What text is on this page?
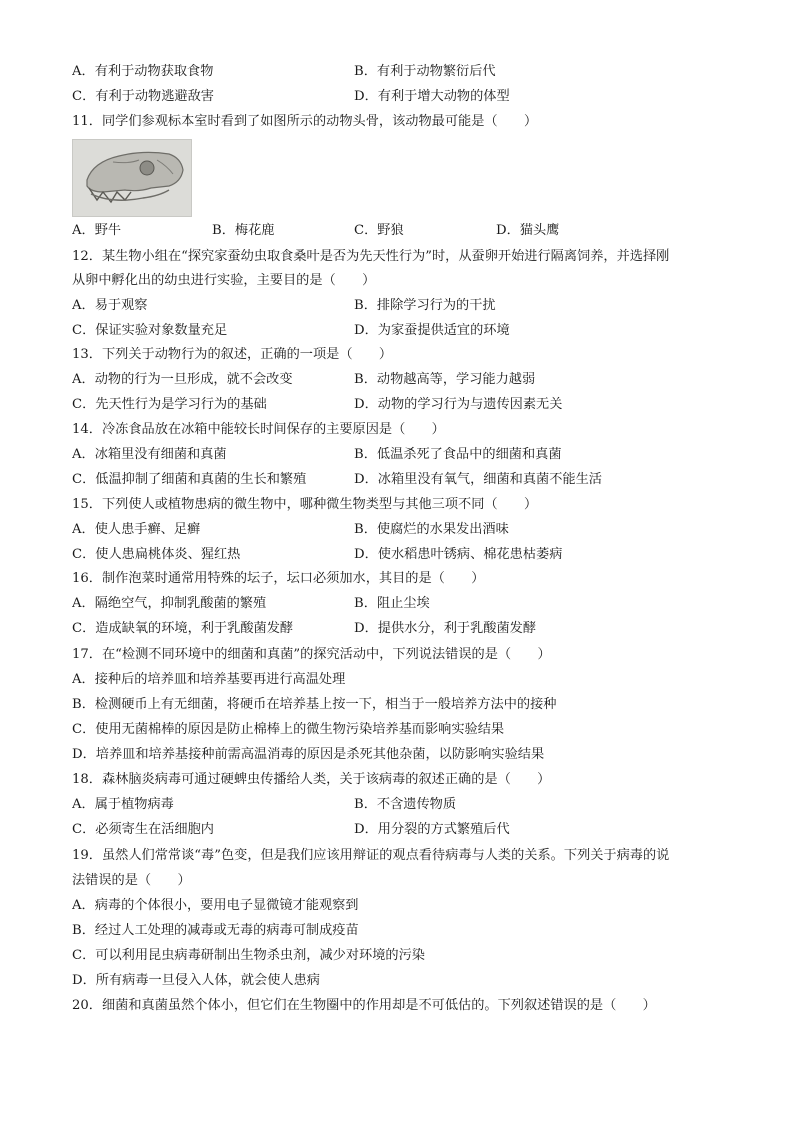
A．有利于动物获取食物	B．有利于动物繁衍后代
C．有利于动物逃避敌害	D．有利于增大动物的体型
11．同学们参观标本室时看到了如图所示的动物头骨，该动物最可能是（　　）
A．野牛	B．梅花鹿	C．野狼	D．猫头鹰
12．某生物小组在“探究家蚕幼虫取食桑叶是否为先天性行为”时，从蚕卵开始进行隔离饲养，并选择刚
从卵中孵化出的幼虫进行实验，主要目的是（　　）
A．易于观察	B．排除学习行为的干扰
C．保证实验对象数量充足	D．为家蚕提供适宜的环境
13．下列关于动物行为的叙述，正确的一项是（　　）
A．动物的行为一旦形成，就不会改变	B．动物越高等，学习能力越弱
C．先天性行为是学习行为的基础	D．动物的学习行为与遗传因素无关
14．冷冻食品放在冰箱中能较长时间保存的主要原因是（　　）
A．冰箱里没有细菌和真菌	B．低温杀死了食品中的细菌和真菌
C．低温抑制了细菌和真菌的生长和繁殖	D．冰箱里没有氧气，细菌和真菌不能生活
15．下列使人或植物患病的微生物中，哪种微生物类型与其他三项不同（　　）
A．使人患手癣、足癣	B．使腐烂的水果发出酒味
C．使人患扁桃体炎、猩红热	D．使水稻患叶锈病、棉花患枯萎病
16．制作泡菜时通常用特殊的坛子，坛口必须加水，其目的是（　　）
A．隔绝空气，抑制乳酸菌的繁殖	B．阻止尘埃
C．造成缺氧的环境，利于乳酸菌发酵	D．提供水分，利于乳酸菌发酵
17．在“检测不同环境中的细菌和真菌”的探究活动中，下列说法错误的是（　　）
A．接种后的培养皿和培养基要再进行高温处理
B．检测硬币上有无细菌，将硬币在培养基上按一下，相当于一般培养方法中的接种
C．使用无菌棉棒的原因是防止棉棒上的微生物污染培养基而影响实验结果
D．培养皿和培养基接种前需高温消毒的原因是杀死其他杂菌，以防影响实验结果
18．森林脑炎病毒可通过硬蜱虫传播给人类，关于该病毒的叙述正确的是（　　）
A．属于植物病毒	B．不含遗传物质
C．必须寄生在活细胞内	D．用分裂的方式繁殖后代
19．虽然人们常常谈“毒”色变，但是我们应该用辩证的观点看待病毒与人类的关系。下列关于病毒的说
法错误的是（　　）
A．病毒的个体很小，要用电子显微镜才能观察到
B．经过人工处理的减毒或无毒的病毒可制成疫苗
C．可以利用昆虫病毒研制出生物杀虫剂，减少对环境的污染
D．所有病毒一旦侵入人体，就会使人患病
20．细菌和真菌虽然个体小，但它们在生物圈中的作用却是不可低估的。下列叙述错误的是（　　）
